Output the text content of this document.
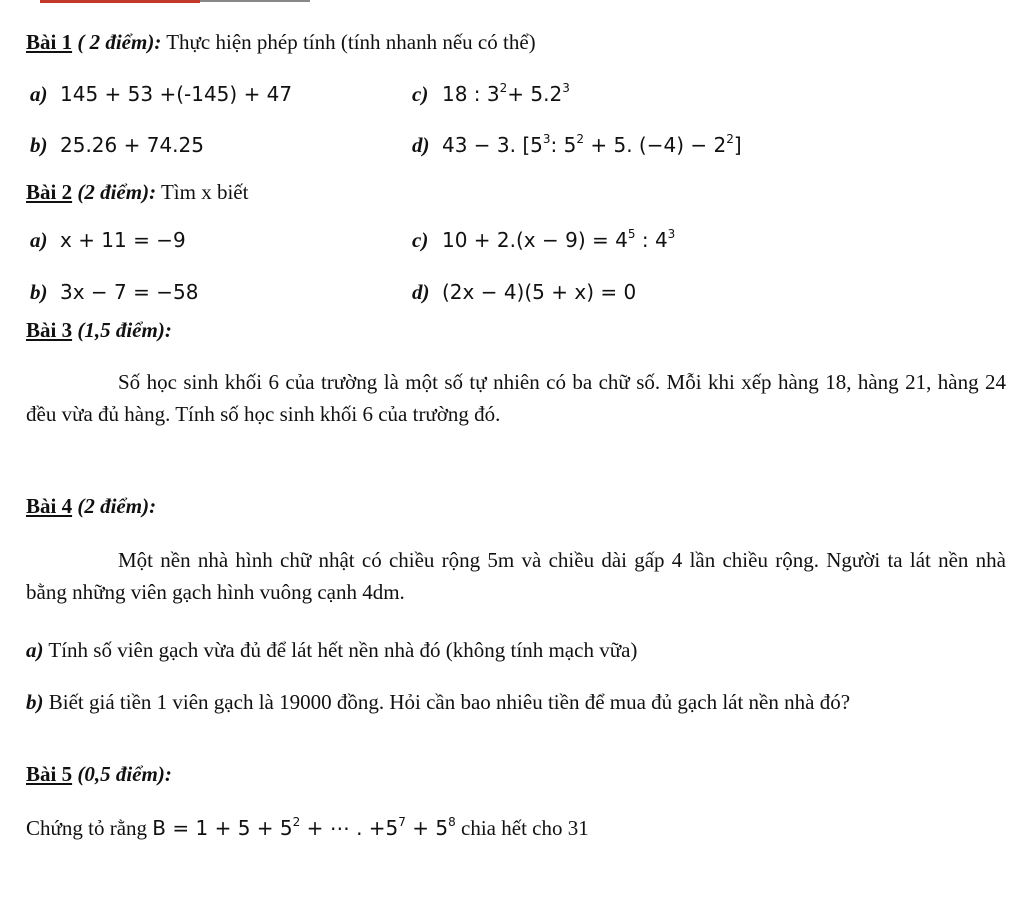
Bài 1 ( 2 điểm): Thực hiện phép tính (tính nhanh nếu có thể)
a) 145 + 53 +(-145) + 47	c) 18 : $3^2+ 5.2^3$
b) 25.26 + 74.25	d) 43 − 3. [$5^3$: $5^2 + 5$. $(-4) - 2^2$]
Bài 2 (2 điểm): Tìm x biết
a) x + 11 = −9	c) $10 + 2.(x - 9) = 4^5$ : $4^3$
b) 3x − 7 = −58	d) (2x − 4)(5 + x) = 0
Bài 3 (1,5 điểm):
Số học sinh khối 6 của trường là một số tự nhiên có ba chữ số. Mỗi khi xếp hàng 18, hàng 21, hàng 24 đều vừa đủ hàng. Tính số học sinh khối 6 của trường đó.
Bài 4 (2 điểm):
Một nền nhà hình chữ nhật có chiều rộng 5m và chiều dài gấp 4 lần chiều rộng. Người ta lát nền nhà bằng những viên gạch hình vuông cạnh 4dm.
a) Tính số viên gạch vừa đủ để lát hết nền nhà đó (không tính mạch vữa)
b) Biết giá tiền 1 viên gạch là 19000 đồng. Hỏi cần bao nhiêu tiền để mua đủ gạch lát nền nhà đó?
Bài 5 (0,5 điểm):
Chứng tỏ rằng $B = 1 + 5 + 5^2$ + ⋯ . $+5^7 + 5^8$ chia hết cho 31
